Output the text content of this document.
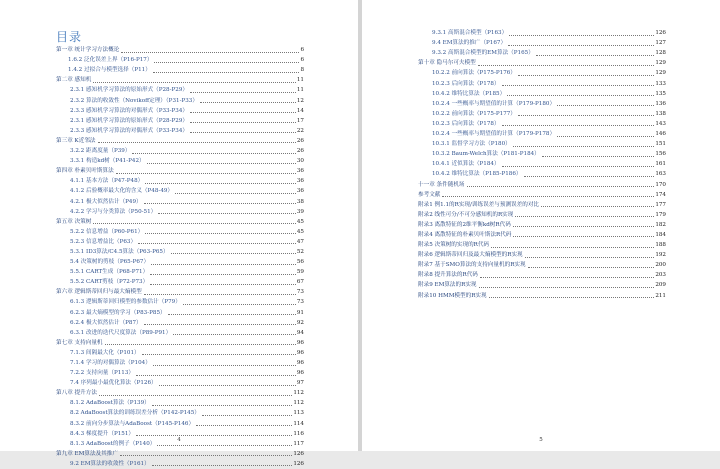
目录
第一章 统计学习方法概论	6
1.6.2 泛化误差上界（P16-P17）	6
1.4.2 过拟合与模型选择（P11）	8
第二章 感知机	11
2.3.1 感知机学习算法的原始形式（P28-P29）	11
2.3.2 算法的收敛性（Novikoff定理）（P31-P33）	12
2.3.3 感知机学习算法的对偶形式（P33-P34）	14
2.3.1 感知机学习算法的原始形式（P28-P29）	17
2.3.3 感知机学习算法的对偶形式（P33-P34）	22
第三章 K近邻法	26
3.2.2 距离度量（P39）	26
3.3.1 构造kd树（P41-P42）	30
第四章 朴素贝叶斯算法	36
4.1.1 基本方法（P47-P48）	36
4.1.2 后验概率最大化的含义（P48-49）	36
4.2.1 极大似然估计（P49）	38
4.2.2 学习与分类算法（P50-51）	39
第五章 决策树	45
5.2.2 信息增益（P60-P61）	45
5.2.3 信息增益比（P63）	47
5.3.1 ID3算法/C4.5算法（P63-P65）	52
5.4 决策树的剪枝（P65-P67）	56
5.5.1 CART生成（P68-P71）	59
5.5.2 CART剪枝（P72-P73）	67
第六章 逻辑斯蒂回归与最大熵模型	73
6.1.3 逻辑斯蒂回归模型的参数估计（P79）	73
6.2.3 最大熵模型的学习（P83-P85）	91
6.2.4 极大似然估计（P87）	92
6.3.1 改进的迭代尺度算法（P89-P91）	94
第七章 支持向量机	96
7.1.3 间隔最大化（P101）	96
7.1.4 学习的对偶算法（P104）	96
7.2.2 支持向量（P113）	96
7.4 序列最小最优化算法（P126）	97
第八章 提升方法	112
8.1.2 AdaBoost算法（P139）	112
8.2 AdaBoost算法的训练误差分析（P142-P145）	113
8.3.2 前向分步算法与AdaBoost（P145-P146）	114
8.4.3 梯度提升（P151）	116
8.1.3 AdaBoost的例子（P140）	117
第九章 EM算法及其推广	126
9.2 EM算法的收敛性（P161）	126
4
9.3.1 高斯混合模型（P163）	126
9.4 EM算法的推广（P167）	127
9.3.2 高斯混合模型的EM算法（P165）	128
第十章 隐马尔可夫模型	129
10.2.2 前向算法（P175-P176）	129
10.2.3 后向算法（P178）	133
10.4.2 维特比算法（P185）	135
10.2.4 一些概率与期望值的计算（P179-P180）	136
10.2.2 前向算法（P175-P177）	138
10.2.3 后向算法（P178）	143
10.2.4 一些概率与期望值的计算（P179-P178）	146
10.3.1 监督学习方法（P180）	151
10.3.2 Baum-Welch算法（P181-P184）	156
10.4.1 近似算法（P184）	161
10.4.2 维特比算法（P185-P186）	163
十一章 条件随机场	170
参考文献	174
附录1 例1.1的R实现/训练误差与预测误差的对比	177
附录2 线性可分/不可分感知机的R实现	179
附录3 离散特征的2维平衡kd树R代码	182
附录4 离散特征的朴素贝叶斯法R代码	184
附录5 决策树的实现的R代码	188
附录6 逻辑斯蒂回归及最大熵模型的R实现	192
附录7 基于SMO算法的支持向量机的R实现	200
附录8 提升算法的R代码	203
附录9 EM算法的R实现	209
附录10 HMM模型的R实现	211
5
